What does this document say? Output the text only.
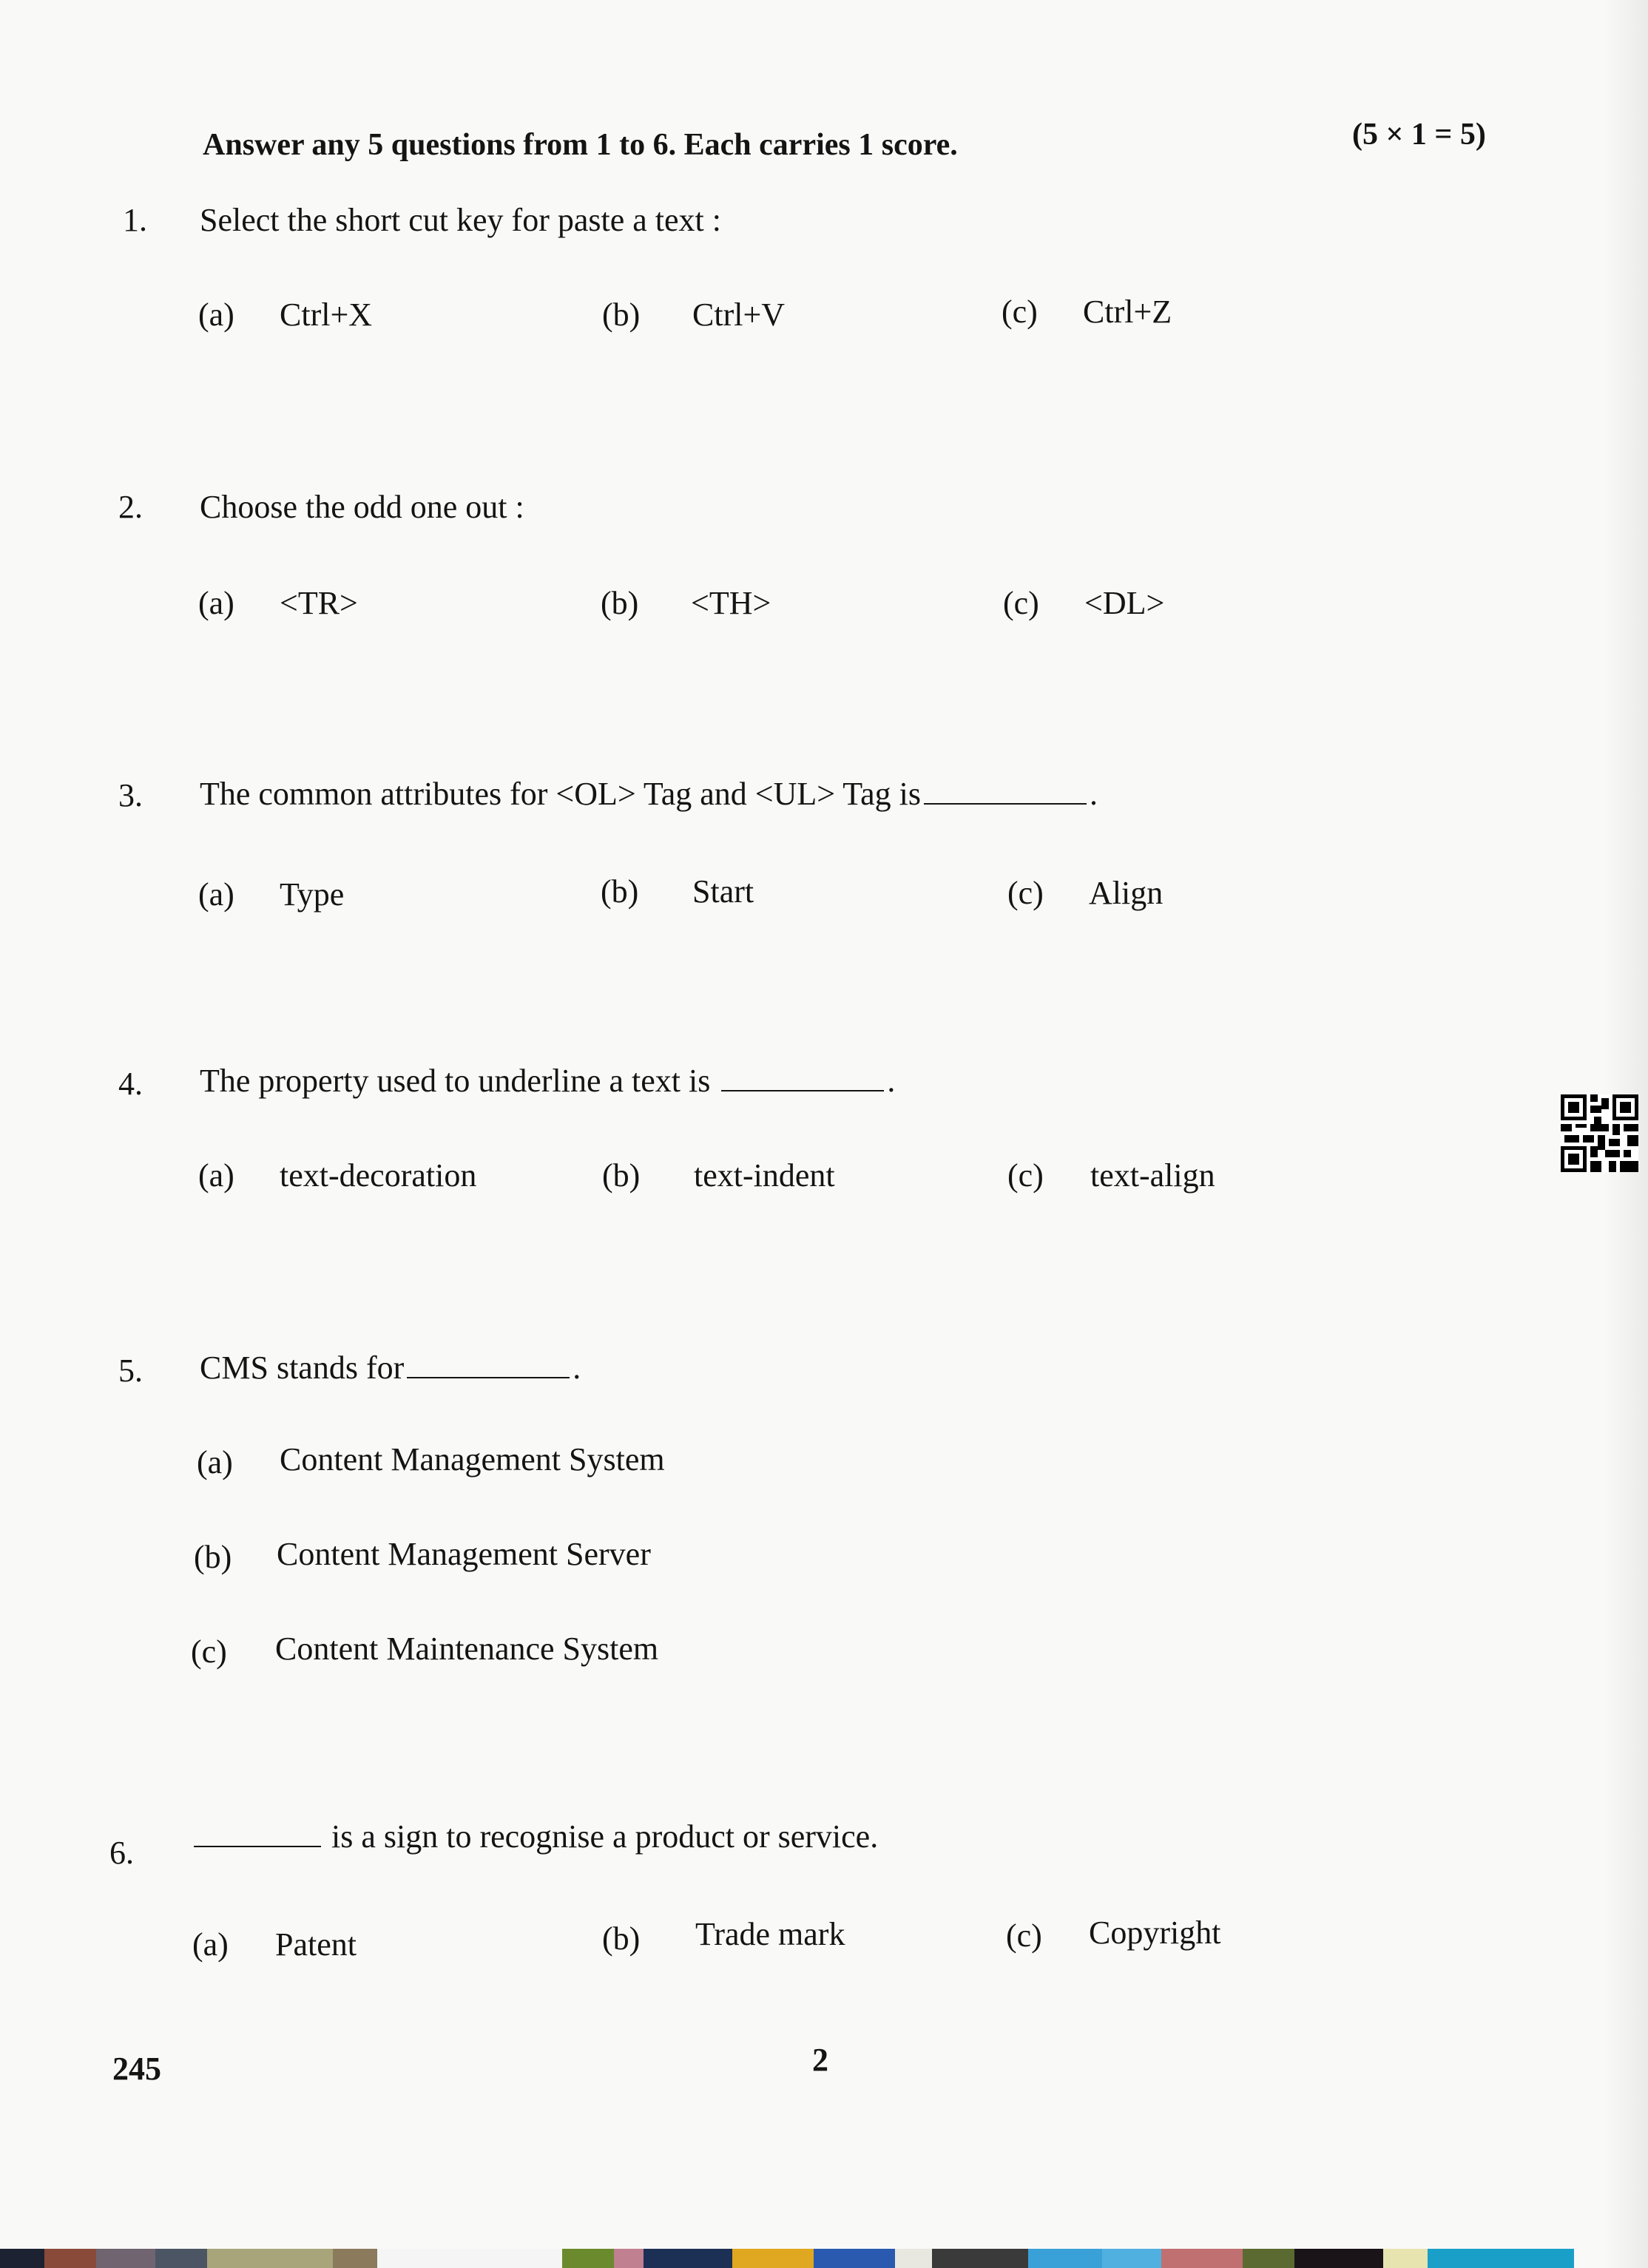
Answer any 5 questions from 1 to 6. Each carries 1 score.	(5 × 1 = 5)
1. Select the short cut key for paste a text :
(a) Ctrl+X	(b) Ctrl+V	(c) Ctrl+Z
2. Choose the odd one out :
(a) <TR>	(b) <TH>	(c) <DL>
3. The common attributes for <OL> Tag and <UL> Tag is	.
(a) Type	(b) Start	(c) Align
4. The property used to underline a text is	.
(a) text-decoration	(b) text-indent	(c) text-align
5. CMS stands for	.
(a) Content Management System
(b) Content Management Server
(c) Content Maintenance System
6.	is a sign to recognise a product or service.
(a) Patent	(b) Trade mark	(c) Copyright
245	2
